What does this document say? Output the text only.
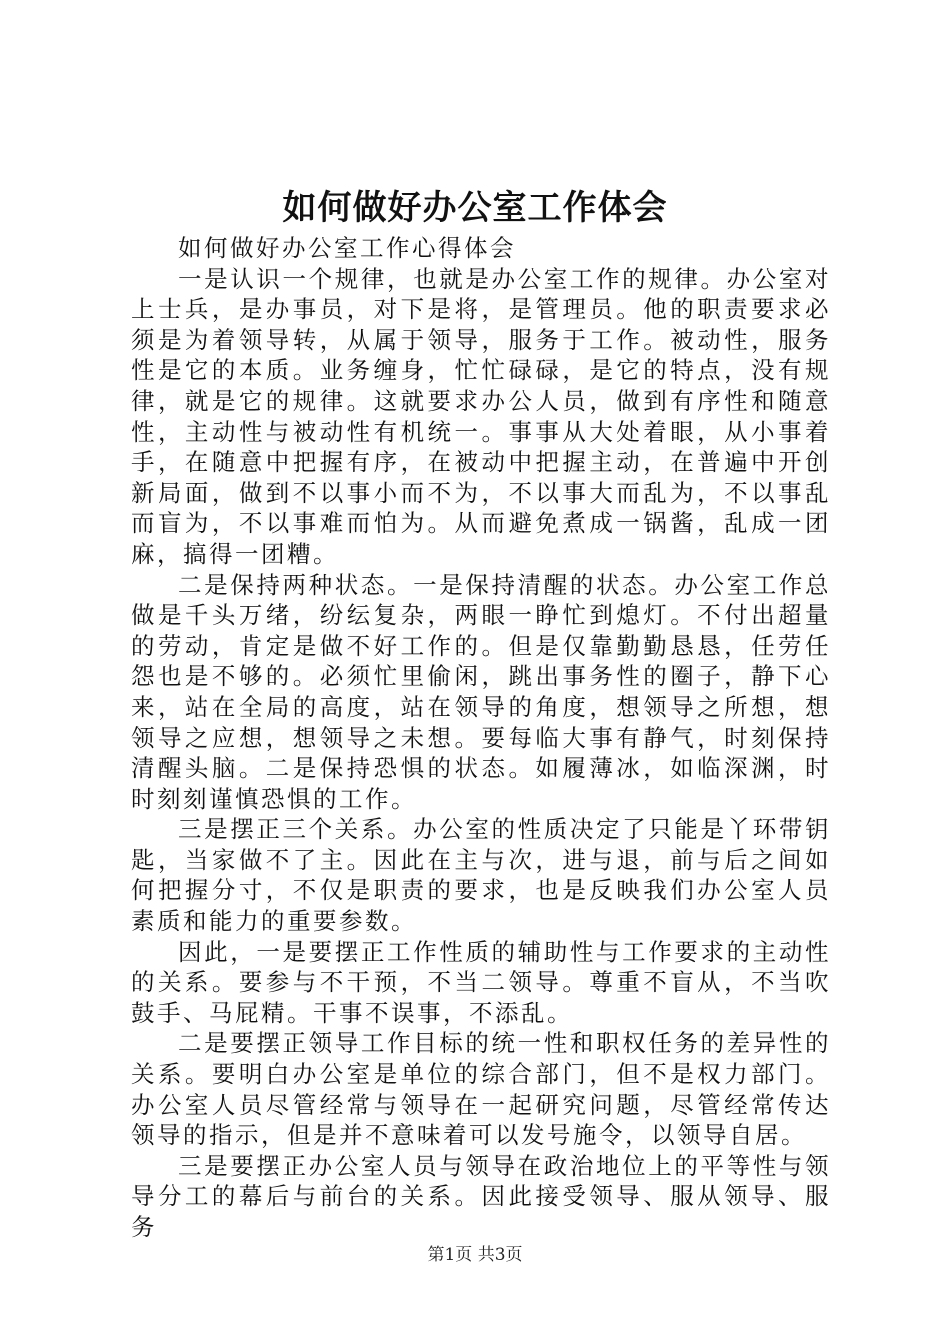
如何做好办公室工作体会

如何做好办公室工作心得体会

一是认识一个规律，也就是办公室工作的规律。办公室对上士兵，是办事员，对下是将，是管理员。他的职责要求必须是为着领导转，从属于领导，服务于工作。被动性，服务性是它的本质。业务缠身，忙忙碌碌，是它的特点，没有规律，就是它的规律。这就要求办公人员，做到有序性和随意性，主动性与被动性有机统一。事事从大处着眼，从小事着手，在随意中把握有序，在被动中把握主动，在普遍中开创新局面，做到不以事小而不为，不以事大而乱为，不以事乱而盲为，不以事难而怕为。从而避免煮成一锅酱，乱成一团麻，搞得一团糟。

二是保持两种状态。一是保持清醒的状态。办公室工作总做是千头万绪，纷纭复杂，两眼一睁忙到熄灯。不付出超量的劳动，肯定是做不好工作的。但是仅靠勤勤恳恳，任劳任怨也是不够的。必须忙里偷闲，跳出事务性的圈子，静下心来，站在全局的高度，站在领导的角度，想领导之所想，想领导之应想，想领导之未想。要每临大事有静气，时刻保持清醒头脑。二是保持恐惧的状态。如履薄冰，如临深渊，时时刻刻谨慎恐惧的工作。

三是摆正三个关系。办公室的性质决定了只能是丫环带钥匙，当家做不了主。因此在主与次，进与退，前与后之间如何把握分寸，不仅是职责的要求，也是反映我们办公室人员素质和能力的重要参数。

因此，一是要摆正工作性质的辅助性与工作要求的主动性的关系。要参与不干预，不当二领导。尊重不盲从，不当吹鼓手、马屁精。干事不误事，不添乱。

二是要摆正领导工作目标的统一性和职权任务的差异性的关系。要明白办公室是单位的综合部门，但不是权力部门。办公室人员尽管经常与领导在一起研究问题，尽管经常传达领导的指示，但是并不意味着可以发号施令，以领导自居。

三是要摆正办公室人员与领导在政治地位上的平等性与领导分工的幕后与前台的关系。因此接受领导、服从领导、服务

第1页 共3页
